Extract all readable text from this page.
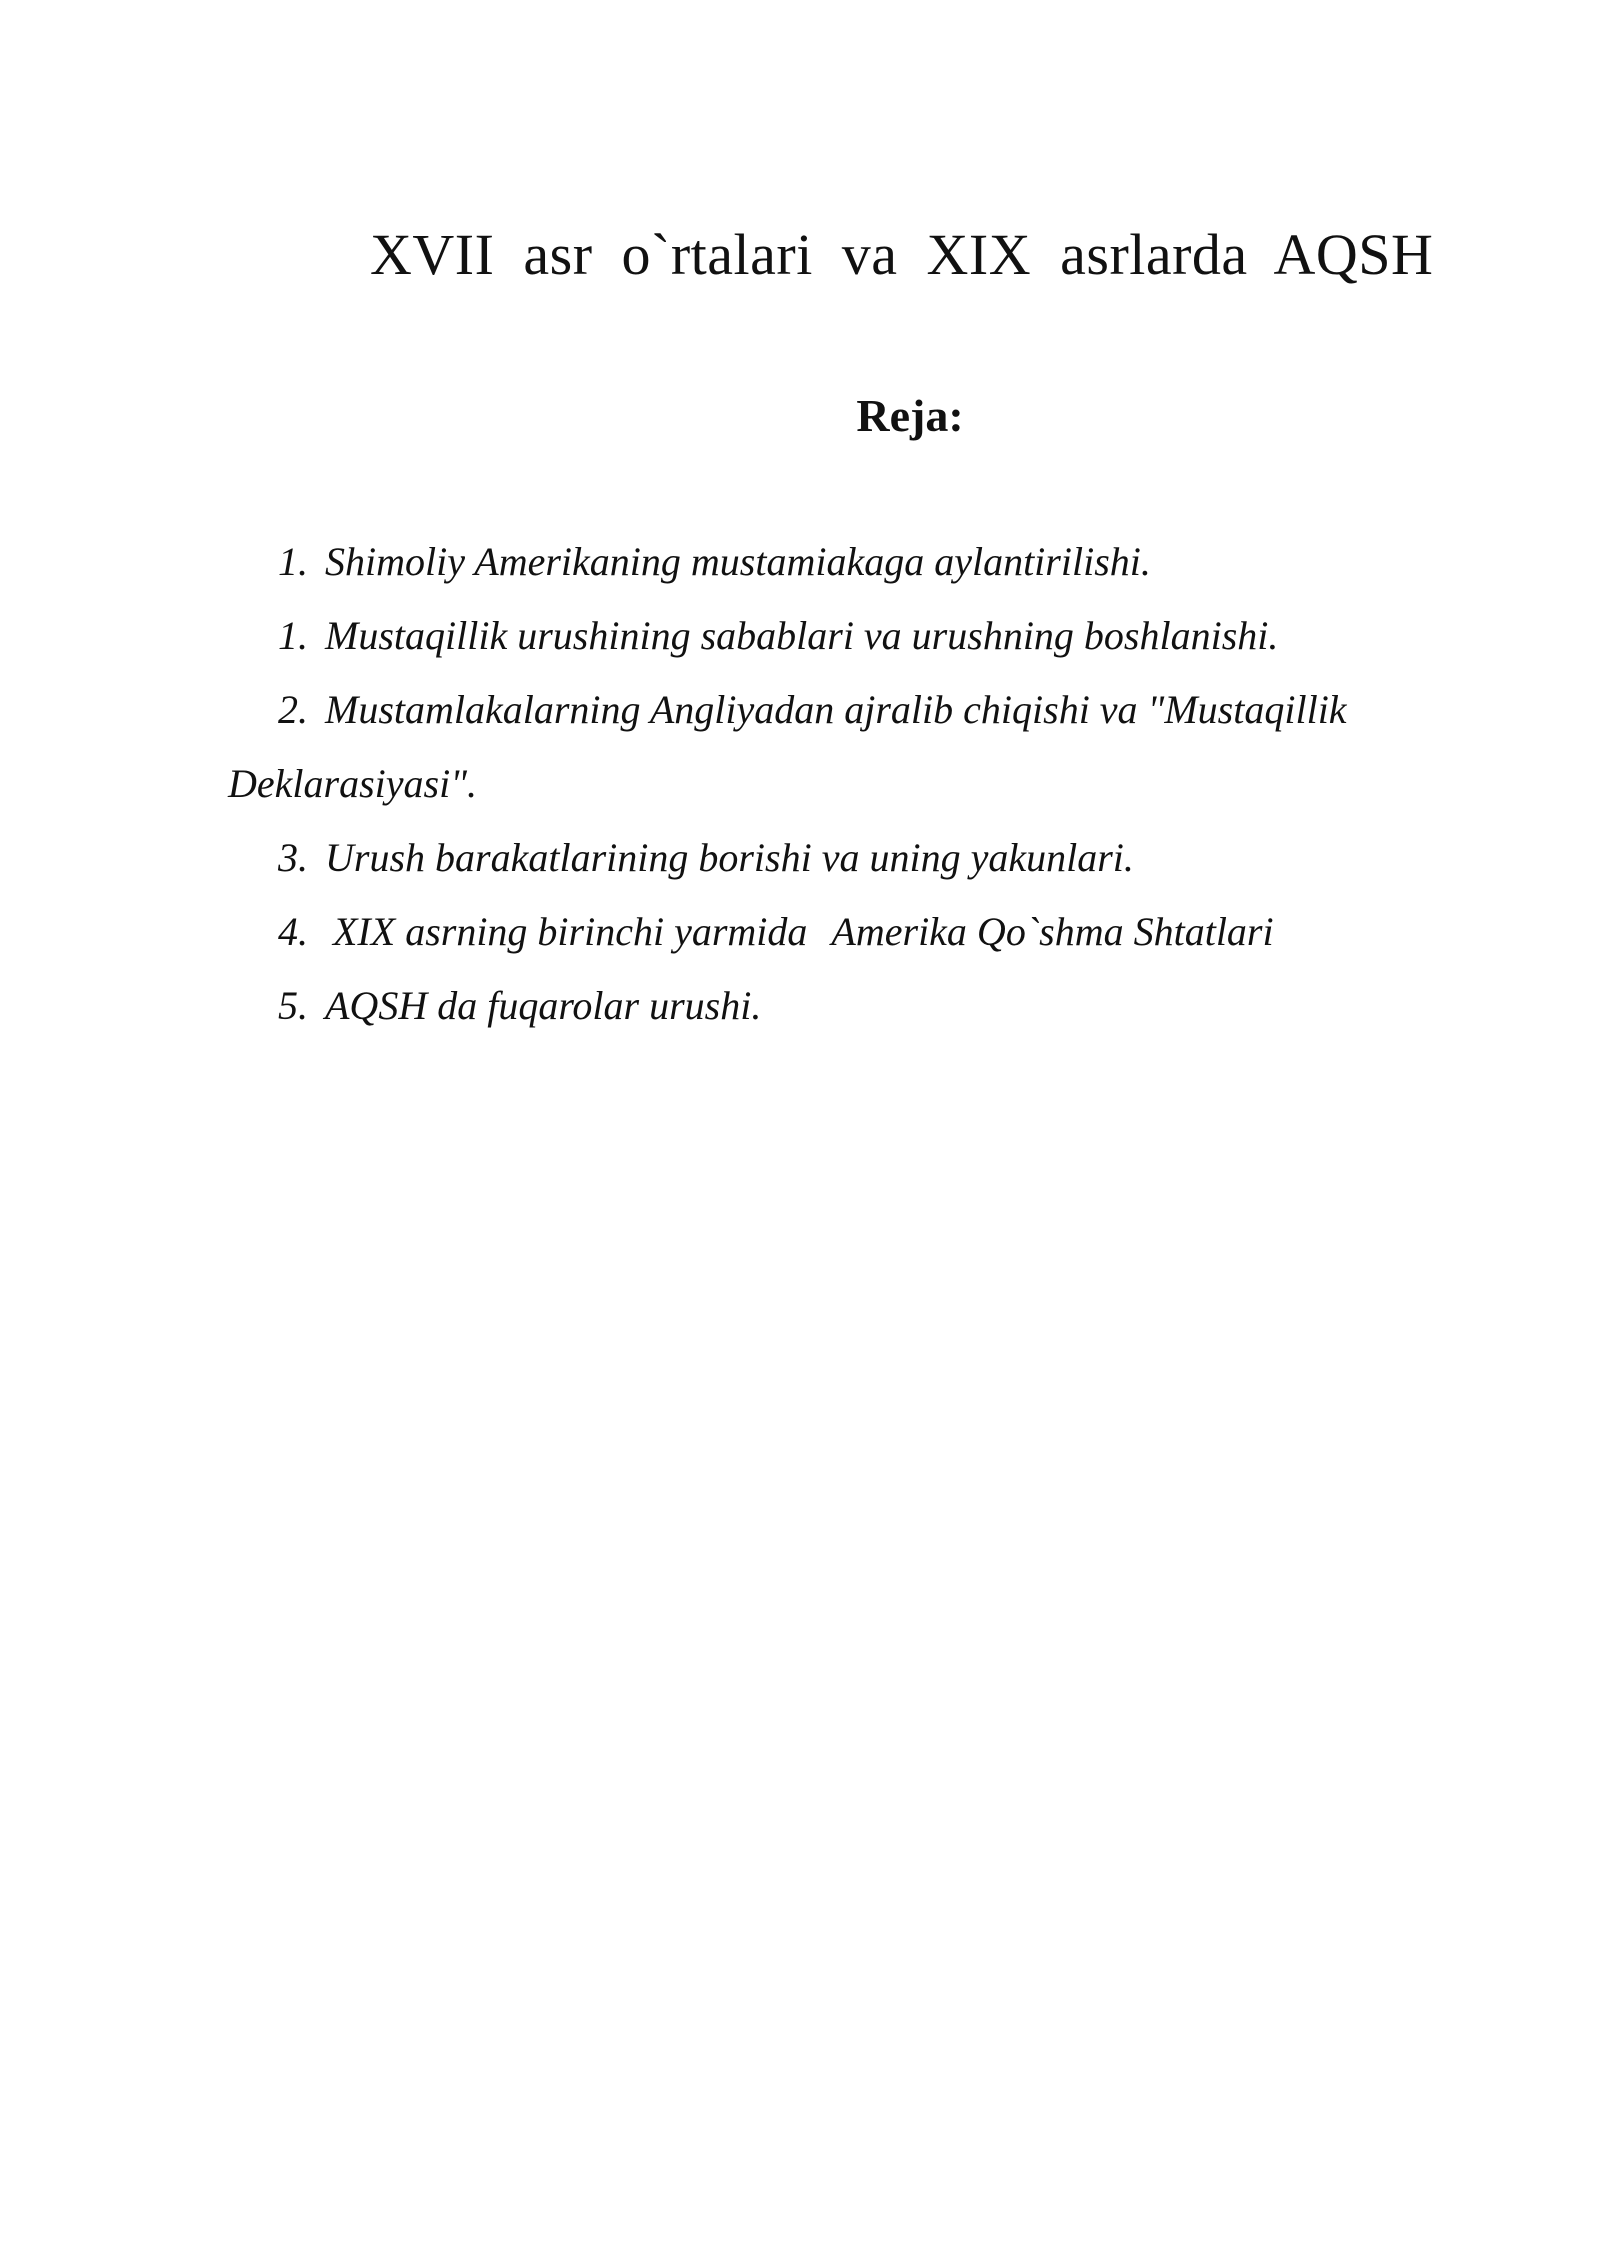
XVII asr o`rtalari va XIX asrlarda AQSH
Reja:
1. Shimoliy Amerikaning mustamiakaga aylantirilishi.
1. Mustaqillik urushining sabablari va urushning boshlanishi.
2. Mustamlakalarning Angliyadan ajralib chiqishi va "Mustaqillik
Deklarasiyasi".
3. Urush barakatlarining borishi va uning yakunlari.
4. XIX asrning birinchi yarmida Amerika Qo`shma Shtatlari
5. AQSH da fuqarolar urushi.
